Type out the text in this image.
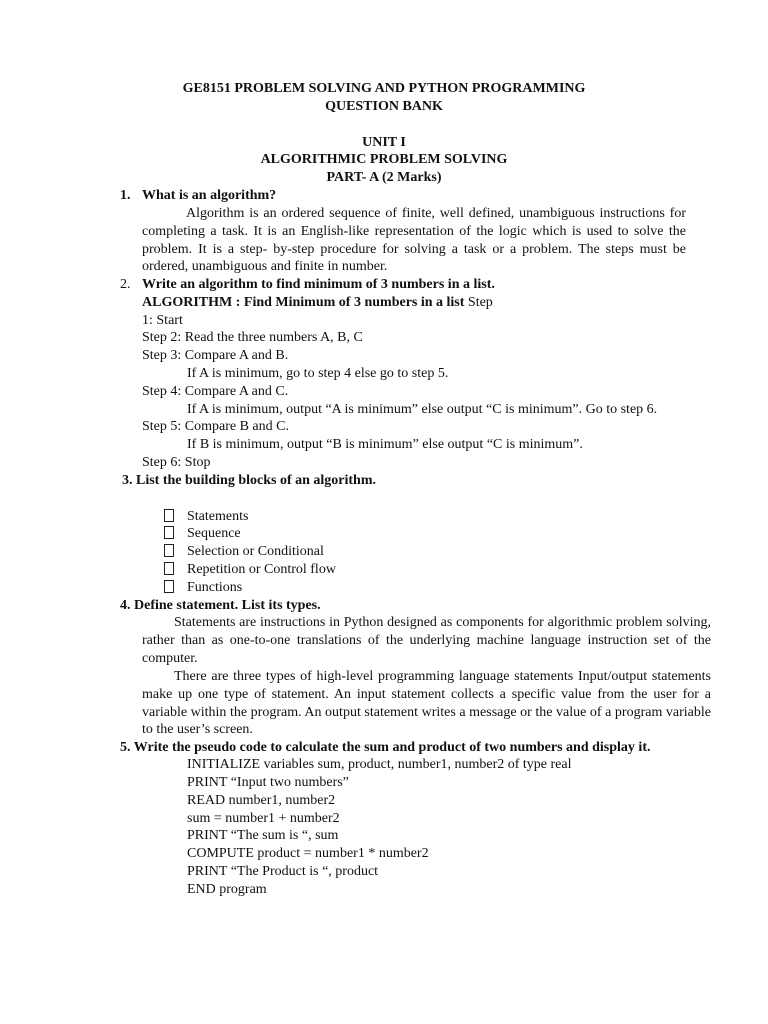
GE8151 PROBLEM SOLVING AND PYTHON PROGRAMMING
QUESTION BANK
UNIT I
ALGORITHMIC PROBLEM SOLVING
PART- A (2 Marks)
1. What is an algorithm?
Algorithm is an ordered sequence of finite, well defined, unambiguous instructions for completing a task. It is an English-like representation of the logic which is used to solve the problem. It is a step- by-step procedure for solving a task or a problem. The steps must be ordered, unambiguous and finite in number.
2. Write an algorithm to find minimum of 3 numbers in a list.
ALGORITHM : Find Minimum of 3 numbers in a list Step
1: Start
Step 2: Read the three numbers A, B, C
Step 3: Compare A and B.
If A is minimum, go to step 4 else go to step 5.
Step 4: Compare A and C.
If A is minimum, output “A is minimum” else output “C is minimum”. Go to step 6.
Step 5: Compare B and C.
If B is minimum, output “B is minimum” else output “C is minimum”.
Step 6: Stop
3. List the building blocks of an algorithm.
Statements
Sequence
Selection or Conditional
Repetition or Control flow
Functions
4. Define statement. List its types.
Statements are instructions in Python designed as components for algorithmic problem solving, rather than as one-to-one translations of the underlying machine language instruction set of the computer.
There are three types of high-level programming language statements Input/output statements make up one type of statement. An input statement collects a specific value from the user for a variable within the program. An output statement writes a message or the value of a program variable to the user’s screen.
5. Write the pseudo code to calculate the sum and product of two numbers and display it.
INITIALIZE variables sum, product, number1, number2 of type real
PRINT “Input two numbers”
READ number1, number2
sum = number1 + number2
PRINT “The sum is “, sum
COMPUTE product = number1 * number2
PRINT “The Product is “, product
END program
